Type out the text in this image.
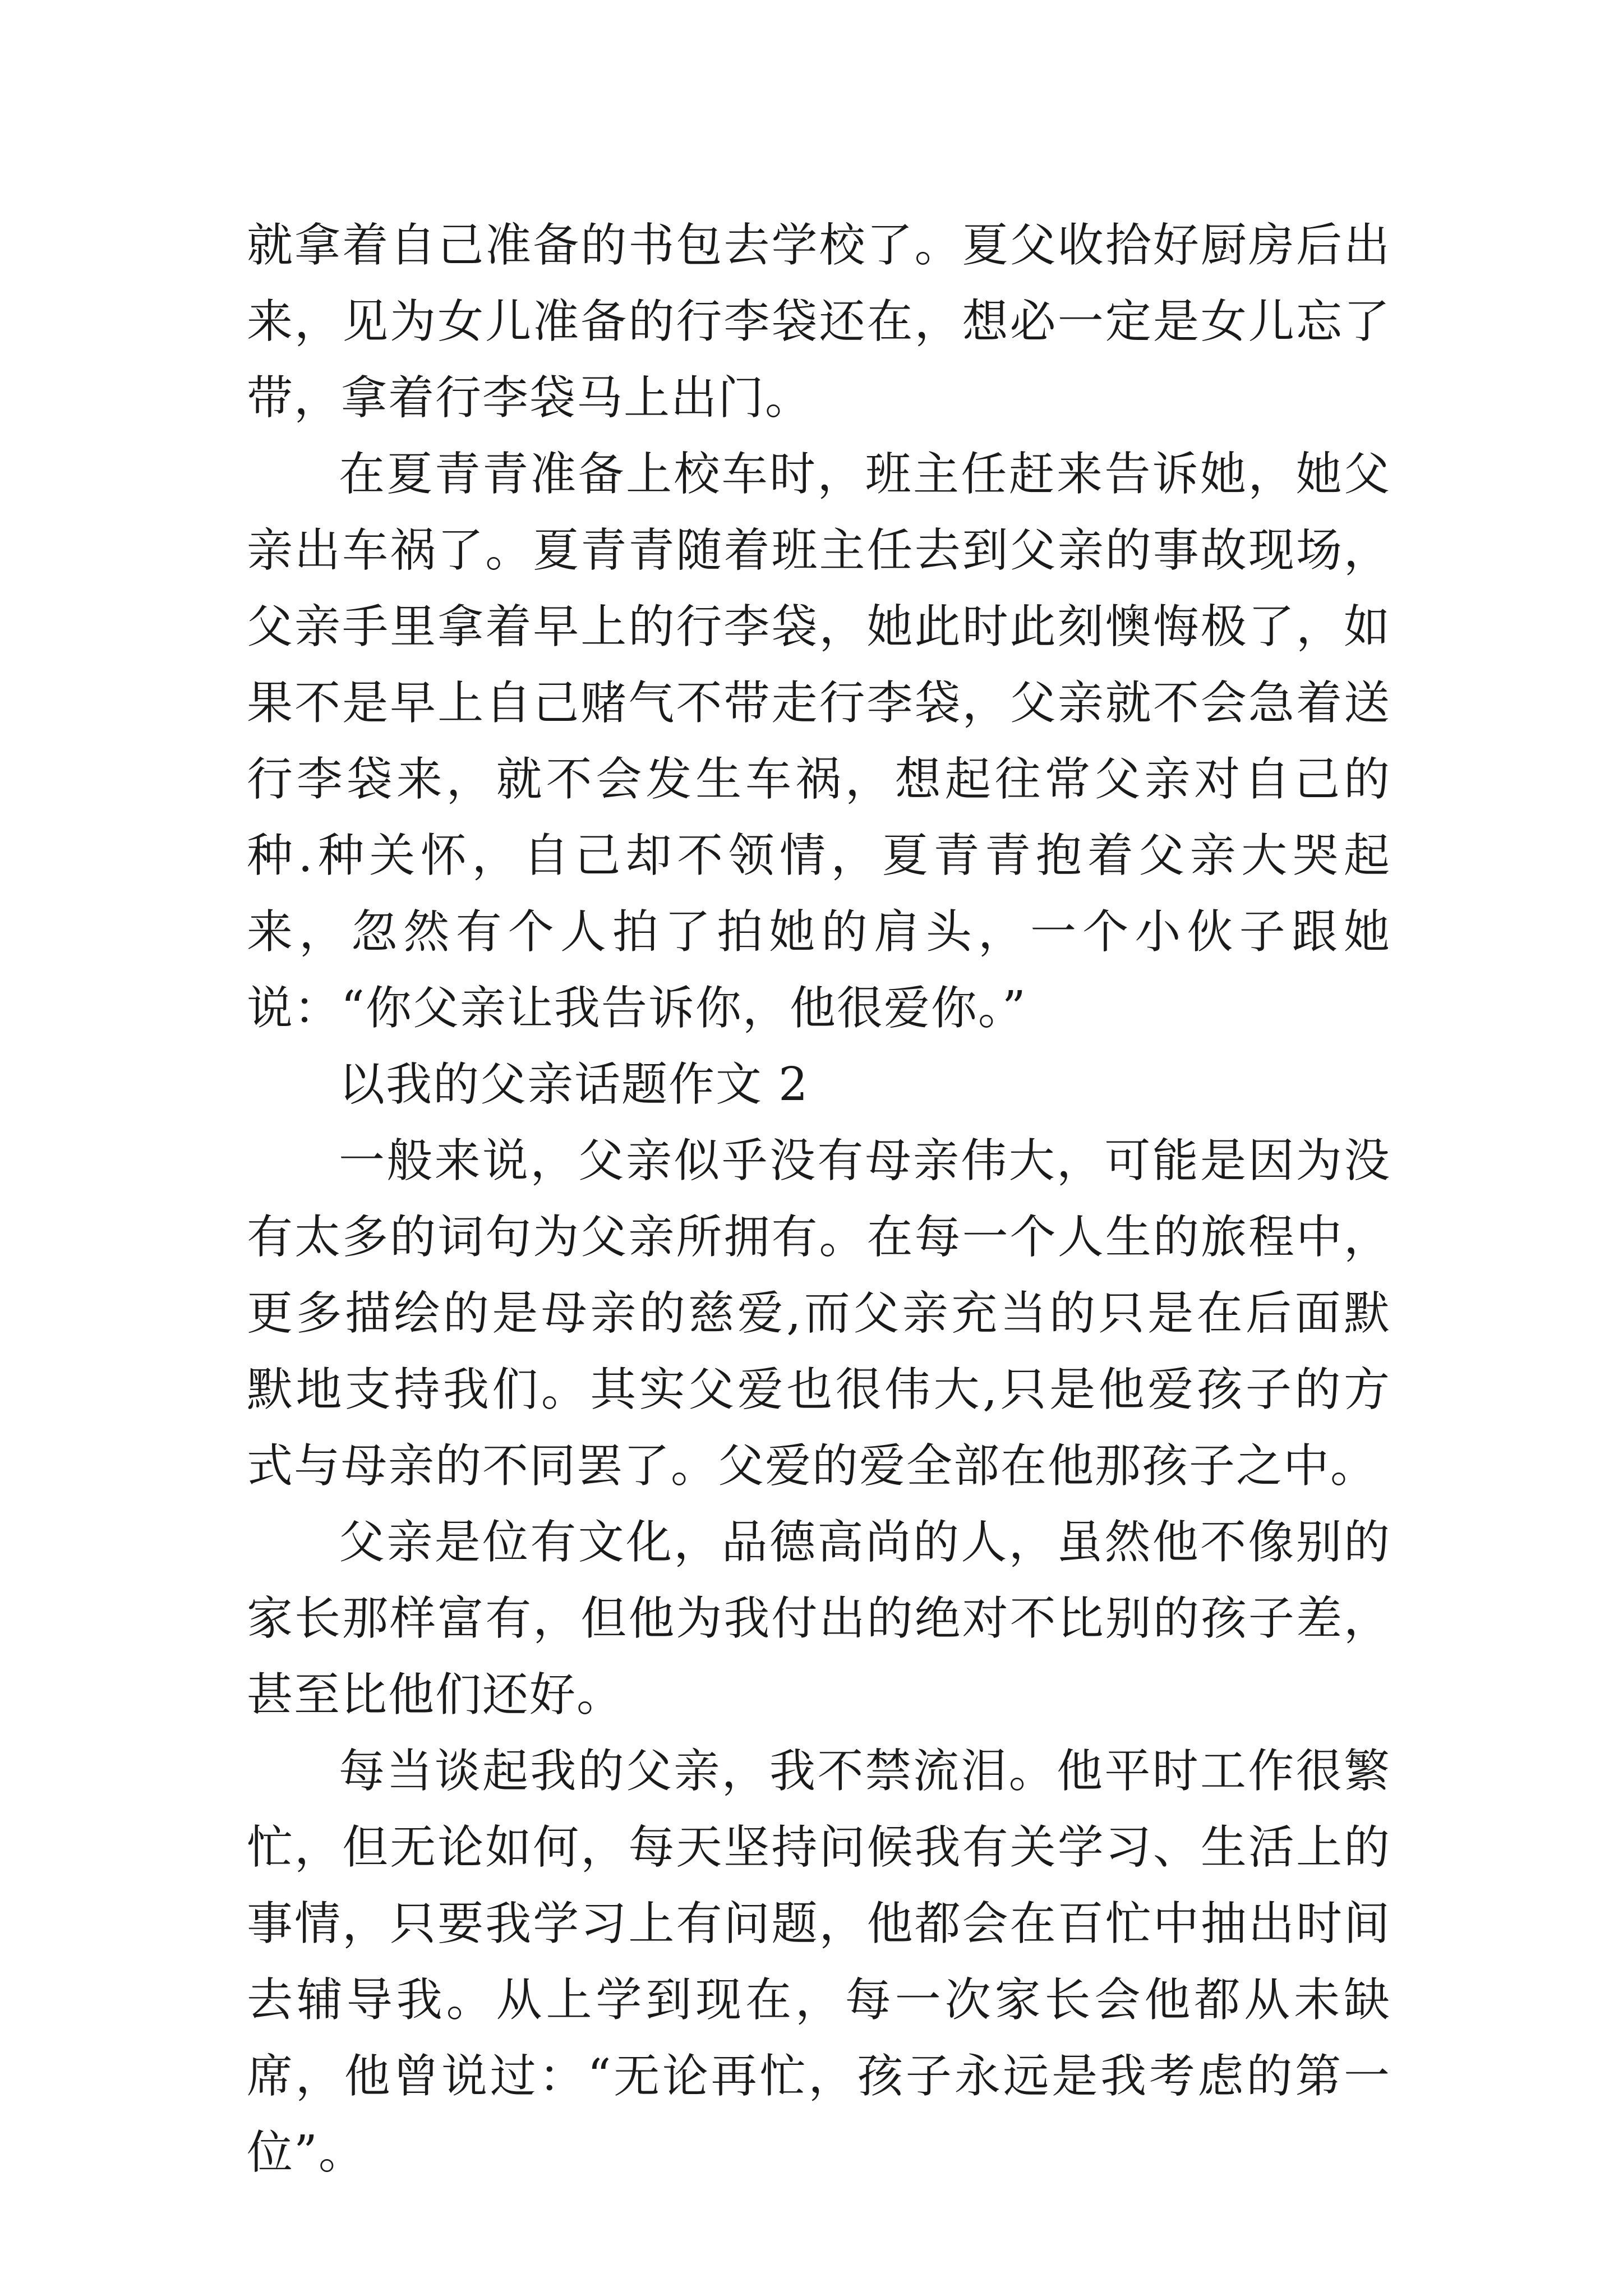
就拿着自己准备的书包去学校了。夏父收拾好厨房后出来，见为女儿准备的行李袋还在，想必一定是女儿忘了带，拿着行李袋马上出门。

在夏青青准备上校车时，班主任赶来告诉她，她父亲出车祸了。夏青青随着班主任去到父亲的事故现场，父亲手里拿着早上的行李袋，她此时此刻懊悔极了，如果不是早上自己赌气不带走行李袋，父亲就不会急着送行李袋来，就不会发生车祸，想起往常父亲对自己的种.种关怀，自己却不领情，夏青青抱着父亲大哭起来，忽然有个人拍了拍她的肩头，一个小伙子跟她说：“你父亲让我告诉你，他很爱你。”

以我的父亲话题作文 2

一般来说，父亲似乎没有母亲伟大，可能是因为没有太多的词句为父亲所拥有。在每一个人生的旅程中，更多描绘的是母亲的慈爱,而父亲充当的只是在后面默默地支持我们。其实父爱也很伟大,只是他爱孩子的方式与母亲的不同罢了。父爱的爱全部在他那孩子之中。

父亲是位有文化，品德高尚的人，虽然他不像别的家长那样富有，但他为我付出的绝对不比别的孩子差，甚至比他们还好。

每当谈起我的父亲，我不禁流泪。他平时工作很繁忙，但无论如何，每天坚持问候我有关学习、生活上的事情，只要我学习上有问题，他都会在百忙中抽出时间去辅导我。从上学到现在，每一次家长会他都从未缺席，他曾说过：“无论再忙，孩子永远是我考虑的第一位”。
